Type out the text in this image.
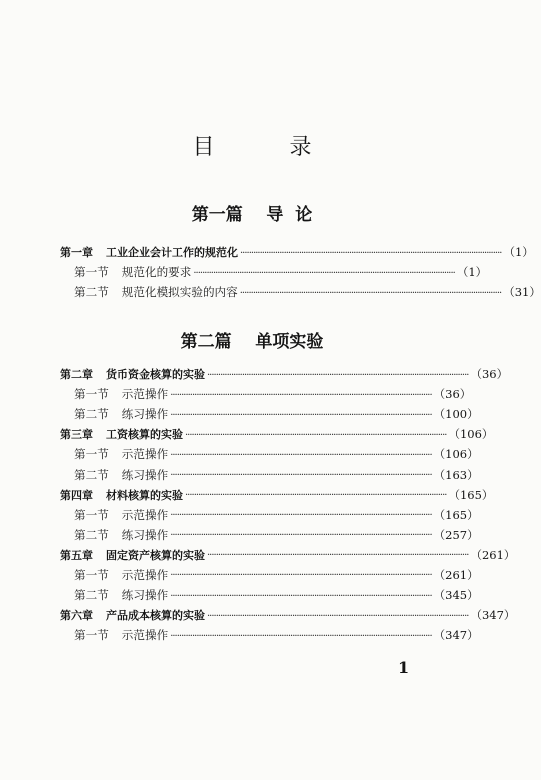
目 录
第一篇    导  论
第一章 工业企业会计工作的规范化 ························································································································ （1）
第一节 规范化的要求 ························································································································ （1）
第二节 规范化模拟实验的内容 ························································································································ （31）
第二篇    单项实验
第二章 货币资金核算的实验 ························································································································ （36）
第一节 示范操作 ························································································································ （36）
第二节 练习操作 ························································································································ （100）
第三章 工资核算的实验 ························································································································ （106）
第一节 示范操作 ························································································································ （106）
第二节 练习操作 ························································································································ （163）
第四章 材料核算的实验 ························································································································ （165）
第一节 示范操作 ························································································································ （165）
第二节 练习操作 ························································································································ （257）
第五章 固定资产核算的实验 ························································································································ （261）
第一节 示范操作 ························································································································ （261）
第二节 练习操作 ························································································································ （345）
第六章 产品成本核算的实验 ························································································································ （347）
第一节 示范操作 ························································································································ （347）
1
